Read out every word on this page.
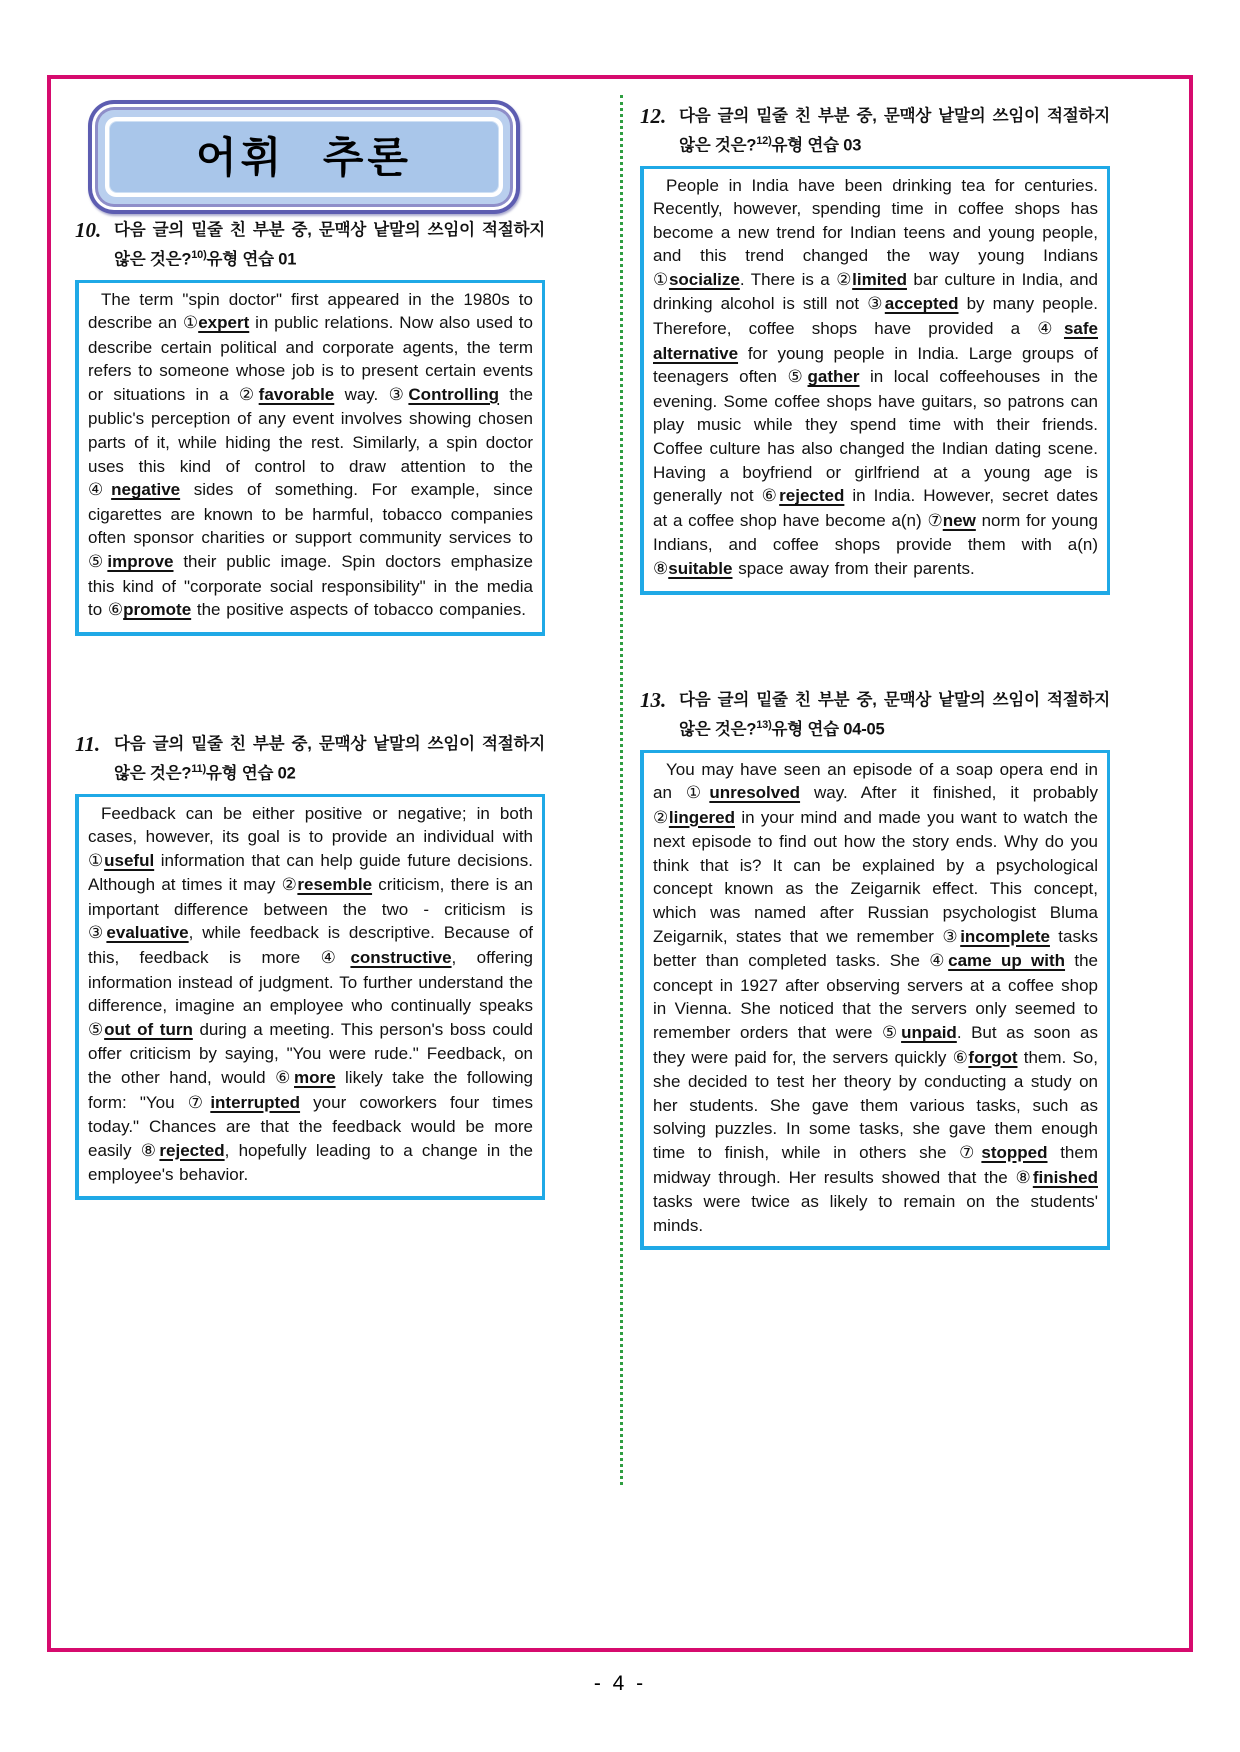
어휘 추론
10. 다음 글의 밑줄 친 부분 중, 문맥상 낱말의 쓰임이 적절하지 않은 것은?$^{10)}$유형 연습 01

The term "spin doctor" first appeared in the 1980s to describe an ①expert in public relations. Now also used to describe certain political and corporate agents, the term refers to someone whose job is to present certain events or situations in a ②favorable way. ③Controlling the public's perception of any event involves showing chosen parts of it, while hiding the rest. Similarly, a spin doctor uses this kind of control to draw attention to the ④negative sides of something. For example, since cigarettes are known to be harmful, tobacco companies often sponsor charities or support community services to ⑤improve their public image. Spin doctors emphasize this kind of "corporate social responsibility" in the media to ⑥promote the positive aspects of tobacco companies.

11. 다음 글의 밑줄 친 부분 중, 문맥상 낱말의 쓰임이 적절하지 않은 것은?$^{11)}$유형 연습 02

Feedback can be either positive or negative; in both cases, however, its goal is to provide an individual with ①useful information that can help guide future decisions. Although at times it may ②resemble criticism, there is an important difference between the two - criticism is ③evaluative, while feedback is descriptive. Because of this, feedback is more ④constructive, offering information instead of judgment. To further understand the difference, imagine an employee who continually speaks ⑤out of turn during a meeting. This person's boss could offer criticism by saying, "You were rude." Feedback, on the other hand, would ⑥more likely take the following form: "You ⑦interrupted your coworkers four times today." Chances are that the feedback would be more easily ⑧rejected, hopefully leading to a change in the employee's behavior.

12. 다음 글의 밑줄 친 부분 중, 문맥상 낱말의 쓰임이 적절하지 않은 것은?$^{12)}$유형 연습 03

People in India have been drinking tea for centuries. Recently, however, spending time in coffee shops has become a new trend for Indian teens and young people, and this trend changed the way young Indians ①socialize. There is a ②limited bar culture in India, and drinking alcohol is still not ③accepted by many people. Therefore, coffee shops have provided a ④safe alternative for young people in India. Large groups of teenagers often ⑤gather in local coffeehouses in the evening. Some coffee shops have guitars, so patrons can play music while they spend time with their friends. Coffee culture has also changed the Indian dating scene. Having a boyfriend or girlfriend at a young age is generally not ⑥rejected in India. However, secret dates at a coffee shop have become a(n) ⑦new norm for young Indians, and coffee shops provide them with a(n) ⑧suitable space away from their parents.

13. 다음 글의 밑줄 친 부분 중, 문맥상 낱말의 쓰임이 적절하지 않은 것은?$^{13)}$유형 연습 04-05

You may have seen an episode of a soap opera end in an ①unresolved way. After it finished, it probably ②lingered in your mind and made you want to watch the next episode to find out how the story ends. Why do you think that is? It can be explained by a psychological concept known as the Zeigarnik effect. This concept, which was named after Russian psychologist Bluma Zeigarnik, states that we remember ③incomplete tasks better than completed tasks. She ④came up with the concept in 1927 after observing servers at a coffee shop in Vienna. She noticed that the servers only seemed to remember orders that were ⑤unpaid. But as soon as they were paid for, the servers quickly ⑥forgot them. So, she decided to test her theory by conducting a study on her students. She gave them various tasks, such as solving puzzles. In some tasks, she gave them enough time to finish, while in others she ⑦stopped them midway through. Her results showed that the ⑧finished tasks were twice as likely to remain on the students' minds.

- 4 -
